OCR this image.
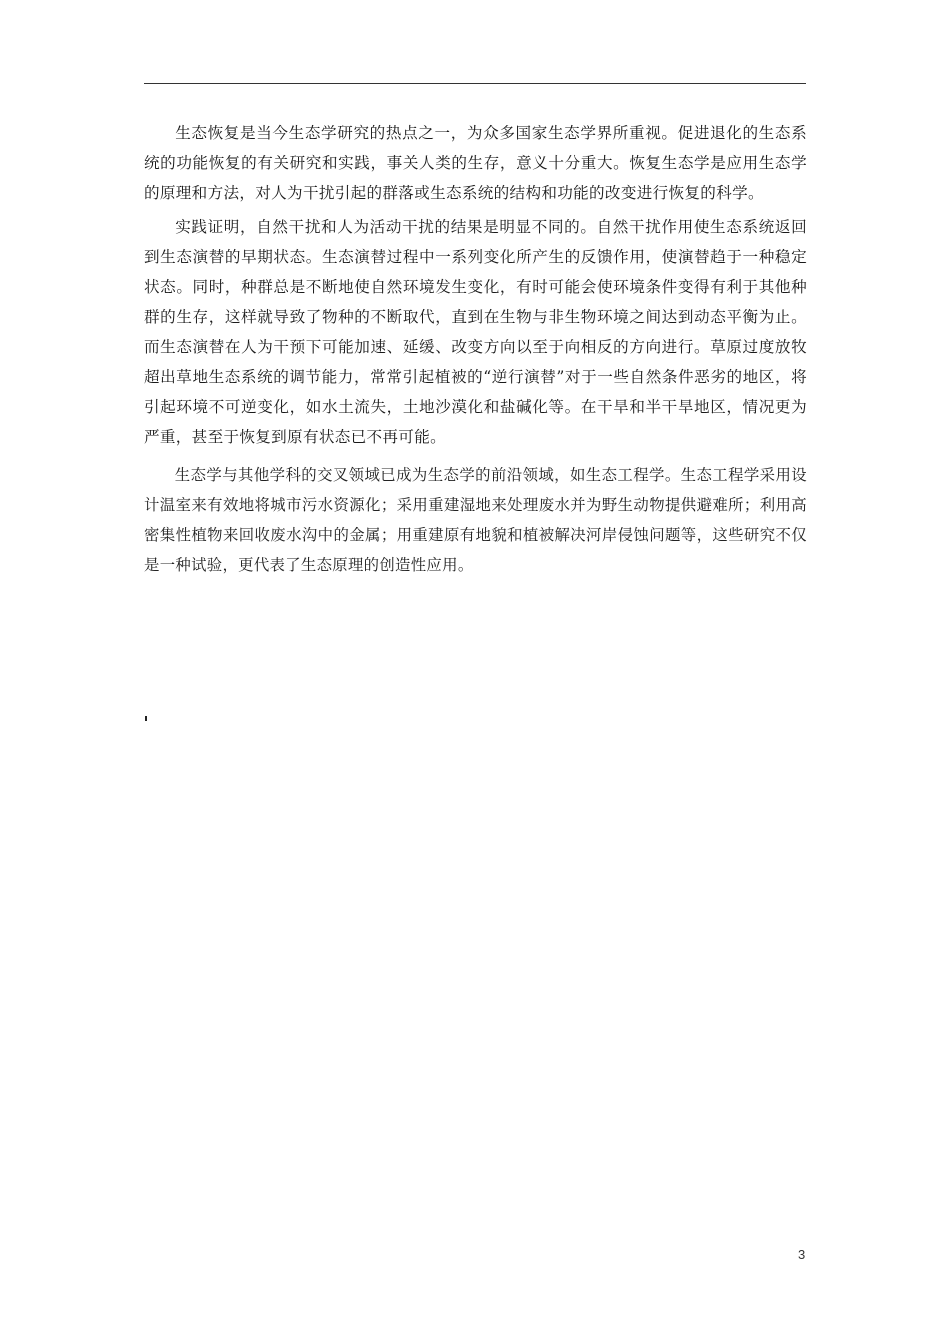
生态恢复是当今生态学研究的热点之一，为众多国家生态学界所重视。促进退化的生态系统的功能恢复的有关研究和实践，事关人类的生存，意义十分重大。恢复生态学是应用生态学的原理和方法，对人为干扰引起的群落或生态系统的结构和功能的改变进行恢复的科学。

实践证明，自然干扰和人为活动干扰的结果是明显不同的。自然干扰作用使生态系统返回到生态演替的早期状态。生态演替过程中一系列变化所产生的反馈作用，使演替趋于一种稳定状态。同时，种群总是不断地使自然环境发生变化，有时可能会使环境条件变得有利于其他种群的生存，这样就导致了物种的不断取代，直到在生物与非生物环境之间达到动态平衡为止。而生态演替在人为干预下可能加速、延缓、改变方向以至于向相反的方向进行。草原过度放牧超出草地生态系统的调节能力，常常引起植被的“逆行演替”对于一些自然条件恶劣的地区，将引起环境不可逆变化，如水土流失，土地沙漠化和盐碱化等。在干旱和半干旱地区，情况更为严重，甚至于恢复到原有状态已不再可能。

生态学与其他学科的交叉领域已成为生态学的前沿领域，如生态工程学。生态工程学采用设计温室来有效地将城市污水资源化；采用重建湿地来处理废水并为野生动物提供避难所；利用高密集性植物来回收废水沟中的金属；用重建原有地貌和植被解决河岸侵蚀问题等，这些研究不仅是一种试验，更代表了生态原理的创造性应用。

3
